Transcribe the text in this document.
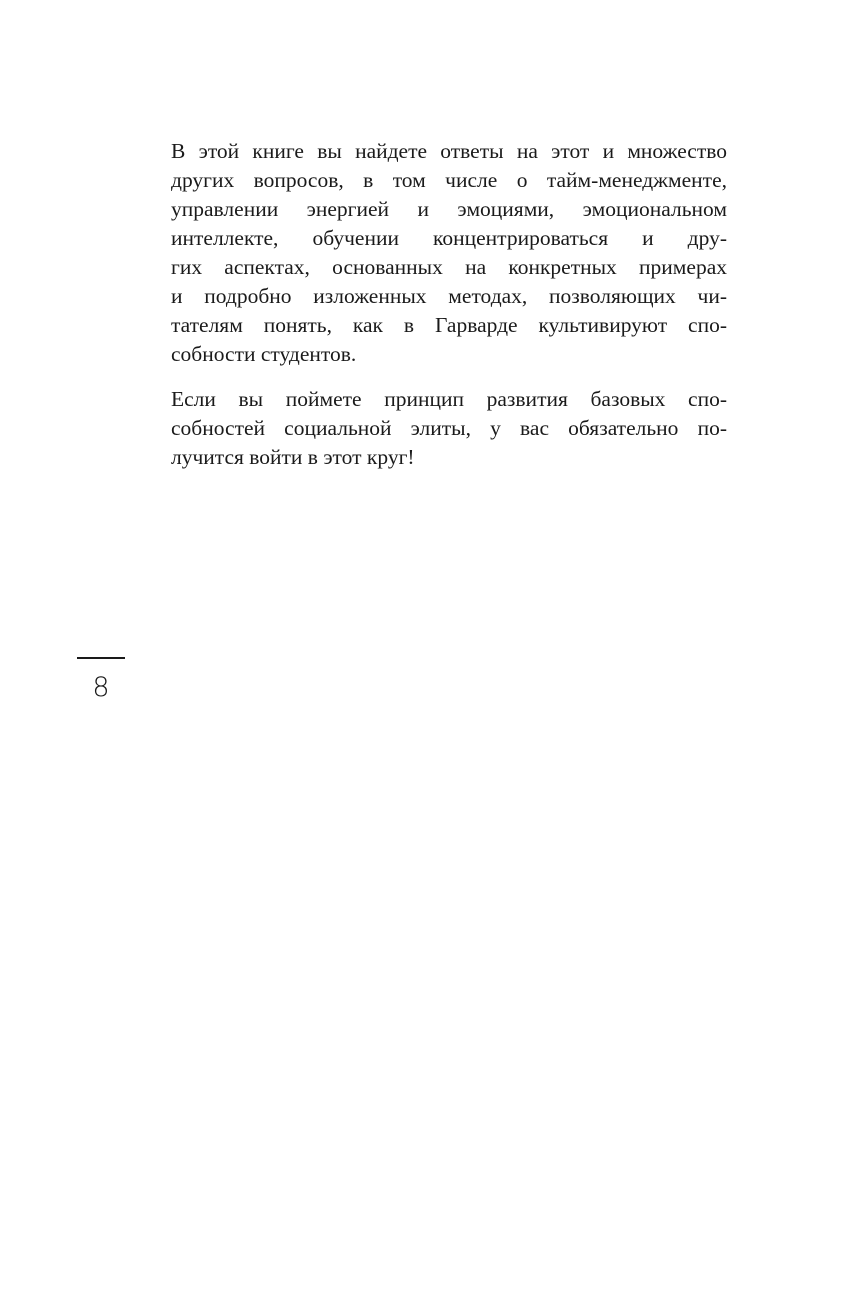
В этой книге вы найдете ответы на этот и множество
других вопросов, в том числе о тайм-менеджменте,
управлении энергией и эмоциями, эмоциональном
интеллекте, обучении концентрироваться и дру-
гих аспектах, основанных на конкретных примерах
и подробно изложенных методах, позволяющих чи-
тателям понять, как в Гарварде культивируют спо-
собности студентов.
Если вы поймете принцип развития базовых спо-
собностей социальной элиты, у вас обязательно по-
лучится войти в этот круг!
8
